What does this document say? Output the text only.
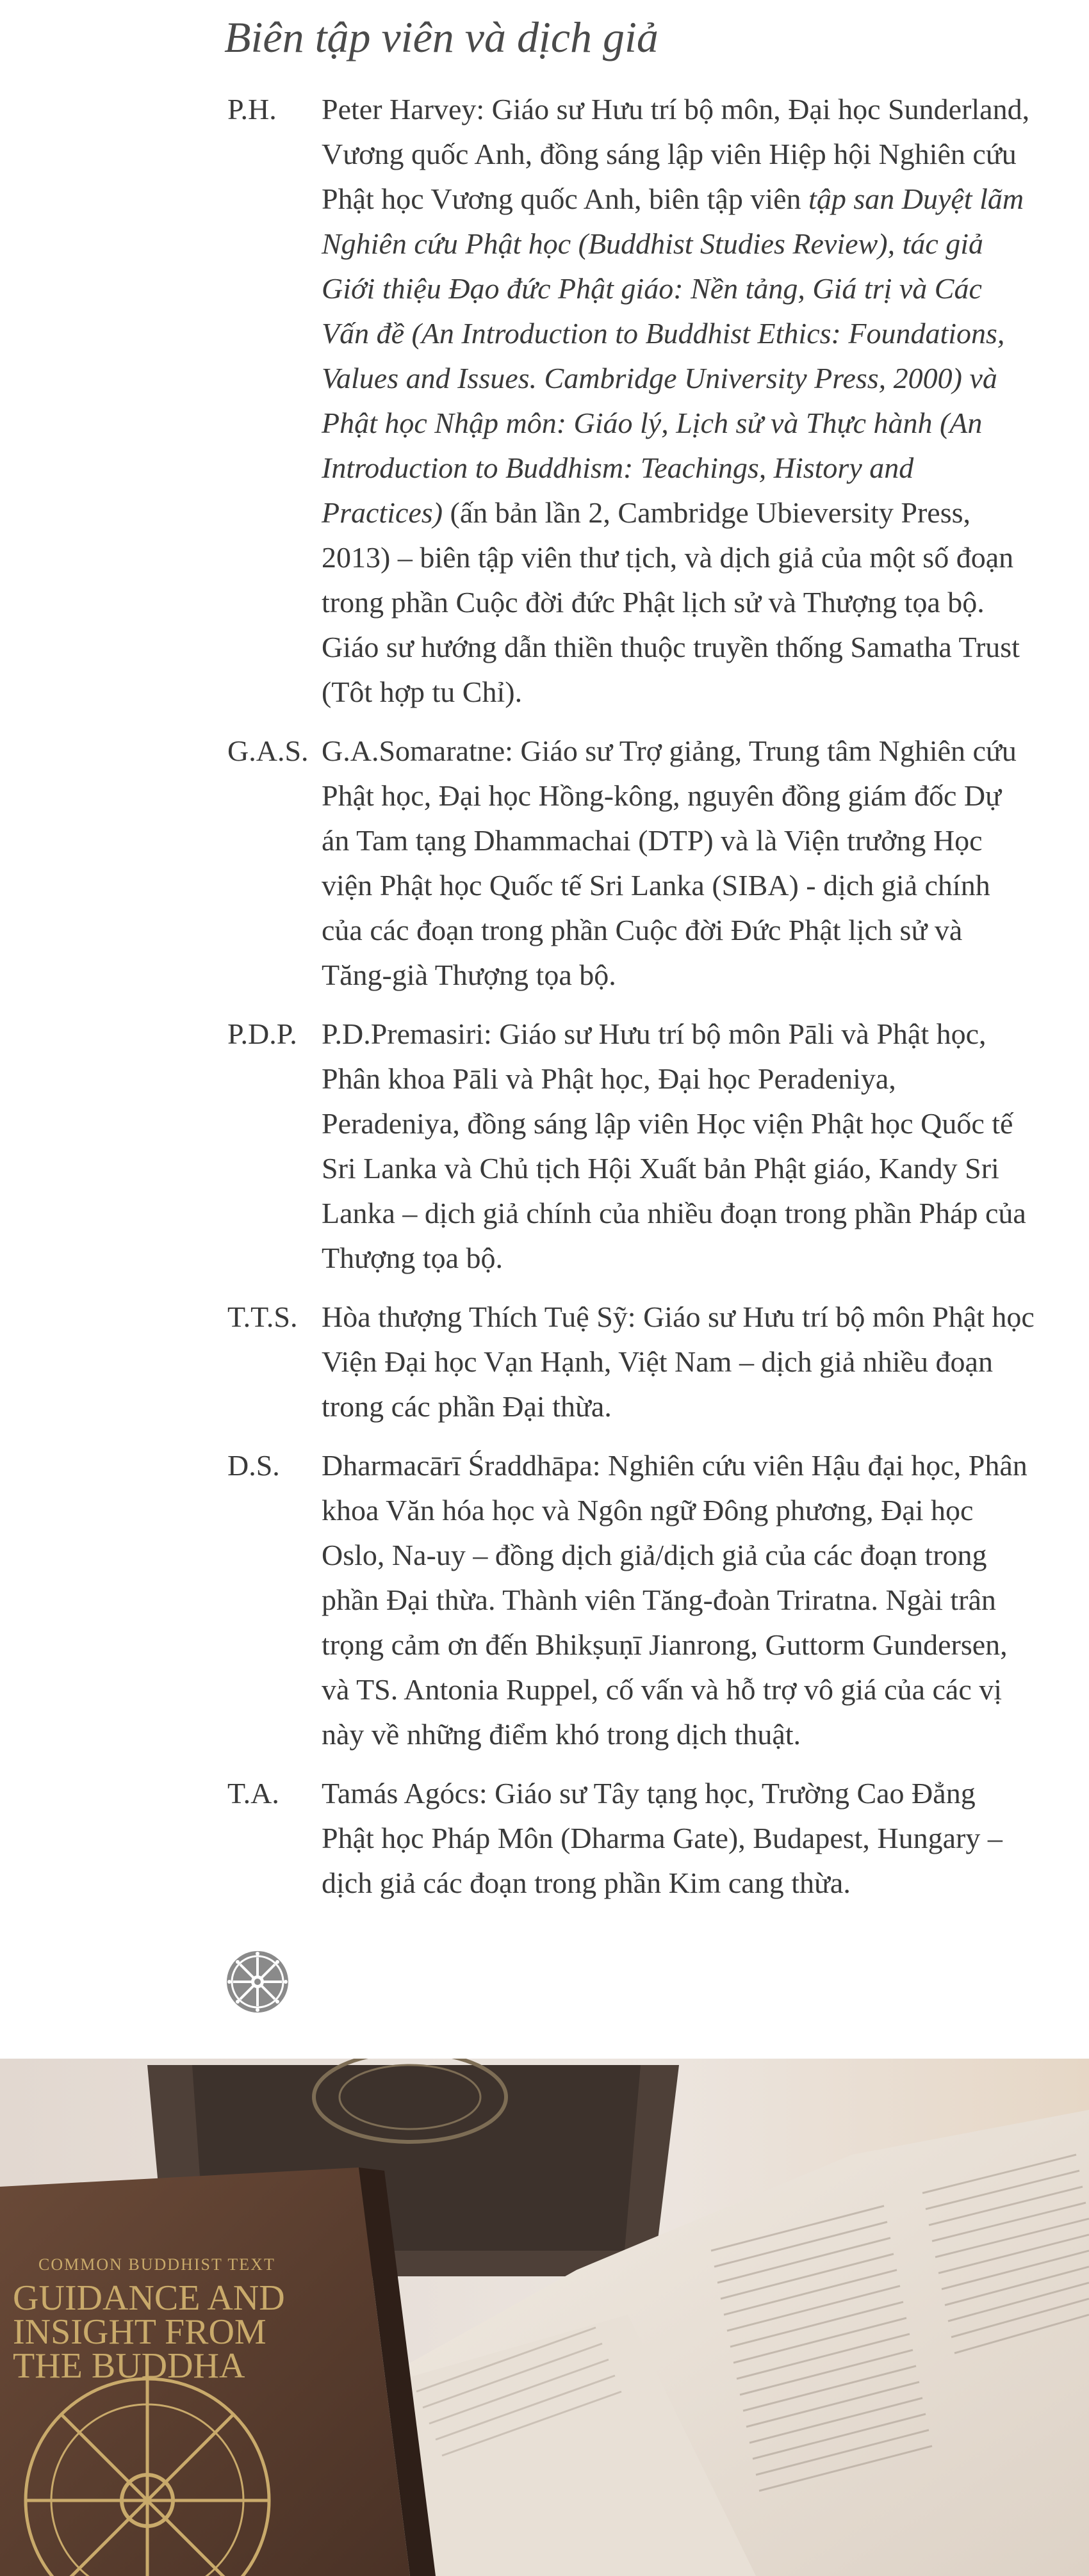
Biên tập viên và dịch giả
P.H.	Peter Harvey: Giáo sư Hưu trí bộ môn, Đại học Sunderland, Vương quốc Anh, đồng sáng lập viên Hiệp hội Nghiên cứu Phật học Vương quốc Anh, biên tập viên tập san Duyệt lãm Nghiên cứu Phật học (Buddhist Studies Review), tác giả Giới thiệu Đạo đức Phật giáo: Nền tảng, Giá trị và Các Vấn đề (An Introduction to Buddhist Ethics: Foundations, Values and Issues. Cambridge University Press, 2000) và Phật học Nhập môn: Giáo lý, Lịch sử và Thực hành (An Introduction to Buddhism: Teachings, History and Practices) (ấn bản lần 2, Cambridge Ubieversity Press, 2013) – biên tập viên thư tịch, và dịch giả của một số đoạn trong phần Cuộc đời đức Phật lịch sử và Thượng tọa bộ. Giáo sư hướng dẫn thiền thuộc truyền thống Samatha Trust (Tôt hợp tu Chỉ).
G.A.S. G.A.Somaratne: Giáo sư Trợ giảng, Trung tâm Nghiên cứu Phật học, Đại học Hồng-kông, nguyên đồng giám đốc Dự án Tam tạng Dhammachai (DTP) và là Viện trưởng Học viện Phật học Quốc tế Sri Lanka (SIBA) - dịch giả chính của các đoạn trong phần Cuộc đời Đức Phật lịch sử và Tăng-già Thượng tọa bộ.
P.D.P. P.D.Premasiri: Giáo sư Hưu trí bộ môn Pāli và Phật học, Phân khoa Pāli và Phật học, Đại học Peradeniya, Peradeniya, đồng sáng lập viên Học viện Phật học Quốc tế Sri Lanka và Chủ tịch Hội Xuất bản Phật giáo, Kandy Sri Lanka – dịch giả chính của nhiều đoạn trong phần Pháp của Thượng tọa bộ.
T.T.S. Hòa thượng Thích Tuệ Sỹ: Giáo sư Hưu trí bộ môn Phật học Viện Đại học Vạn Hạnh, Việt Nam – dịch giả nhiều đoạn trong các phần Đại thừa.
D.S.	Dharmacārī Śraddhāpa: Nghiên cứu viên Hậu đại học, Phân khoa Văn hóa học và Ngôn ngữ Đông phương, Đại học Oslo, Na-uy – đồng dịch giả/dịch giả của các đoạn trong phần Đại thừa. Thành viên Tăng-đoàn Triratna. Ngài trân trọng cảm ơn đến Bhikṣuṇī Jianrong, Guttorm Gundersen, và TS. Antonia Ruppel, cố vấn và hỗ trợ vô giá của các vị này về những điểm khó trong dịch thuật.
T.A.	Tamás Agócs: Giáo sư Tây tạng học, Trường Cao Đẳng Phật học Pháp Môn (Dharma Gate), Budapest, Hungary – dịch giả các đoạn trong phần Kim cang thừa.
COMMON BUDDHIST TEXT
GUIDANCE AND
INSIGHT FROM
THE BUDDHA
